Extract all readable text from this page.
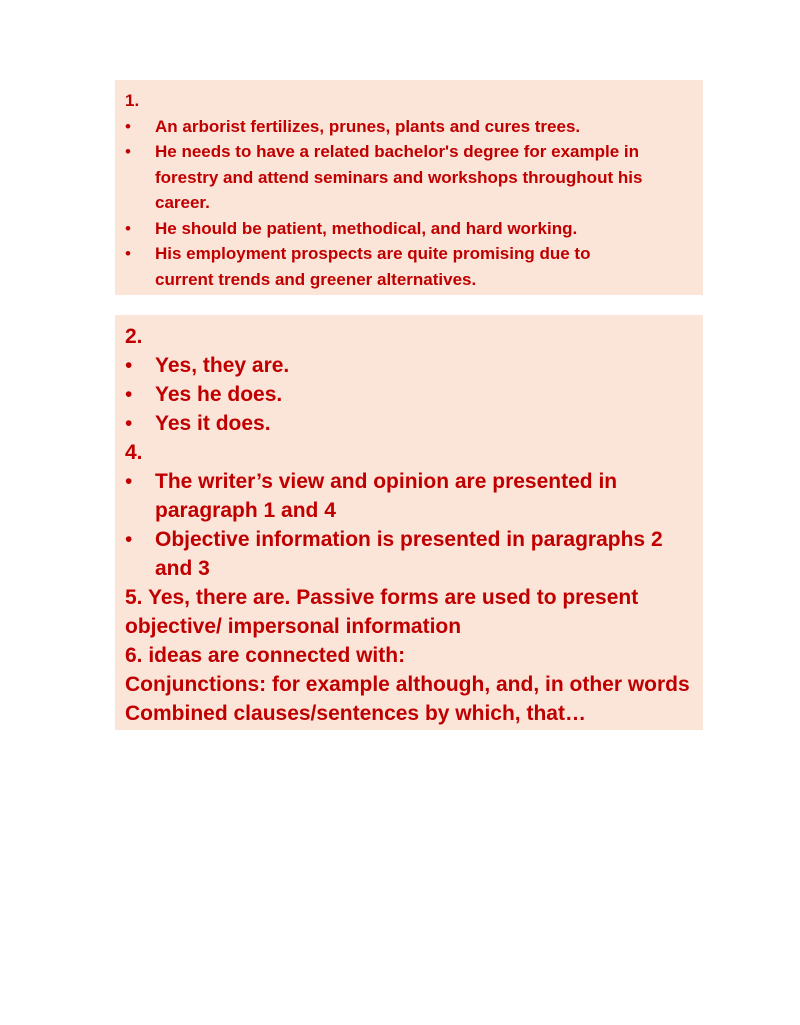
1.
•	An arborist fertilizes, prunes, plants and cures trees.
•	He needs to have a related bachelor's degree for example in
forestry and attend seminars and workshops throughout his
career.
•	He should be patient, methodical, and hard working.
•	His employment prospects are quite promising due to
current trends and greener alternatives.
2.
•	Yes, they are.
•	Yes he does.
•	Yes it does.
4.
•	The writer’s view and opinion are presented in
paragraph 1 and 4
•	Objective information is presented in paragraphs 2
and 3
5. Yes, there are. Passive forms are used to present
objective/ impersonal information
6. ideas are connected with:
Conjunctions: for example although, and, in other words
Combined clauses/sentences by which, that…
